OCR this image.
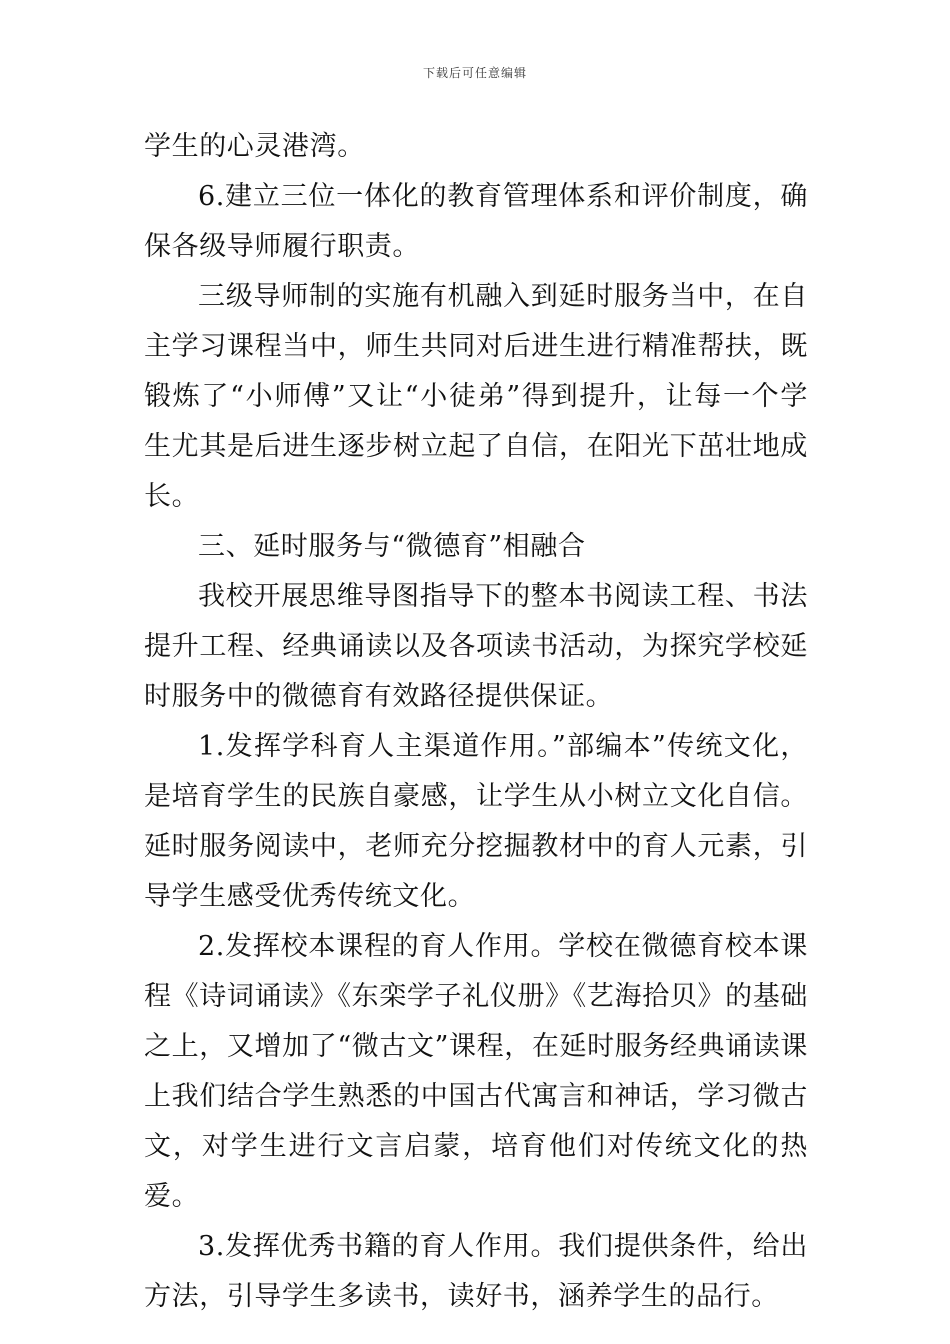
下载后可任意编辑

学生的心灵港湾。

6.建立三位一体化的教育管理体系和评价制度，确保各级导师履行职责。

三级导师制的实施有机融入到延时服务当中，在自主学习课程当中，师生共同对后进生进行精准帮扶，既锻炼了“小师傅”又让“小徒弟”得到提升，让每一个学生尤其是后进生逐步树立起了自信，在阳光下茁壮地成长。

三、延时服务与“微德育”相融合

我校开展思维导图指导下的整本书阅读工程、书法提升工程、经典诵读以及各项读书活动，为探究学校延时服务中的微德育有效路径提供保证。

1.发挥学科育人主渠道作用。”部编本”传统文化，是培育学生的民族自豪感，让学生从小树立文化自信。延时服务阅读中，老师充分挖掘教材中的育人元素，引导学生感受优秀传统文化。

2.发挥校本课程的育人作用。学校在微德育校本课程《诗词诵读》《东栾学子礼仪册》《艺海拾贝》的基础之上，又增加了“微古文”课程，在延时服务经典诵读课上我们结合学生熟悉的中国古代寓言和神话，学习微古文，对学生进行文言启蒙，培育他们对传统文化的热爱。

3.发挥优秀书籍的育人作用。我们提供条件，给出方法，引导学生多读书，读好书，涵养学生的品行。
